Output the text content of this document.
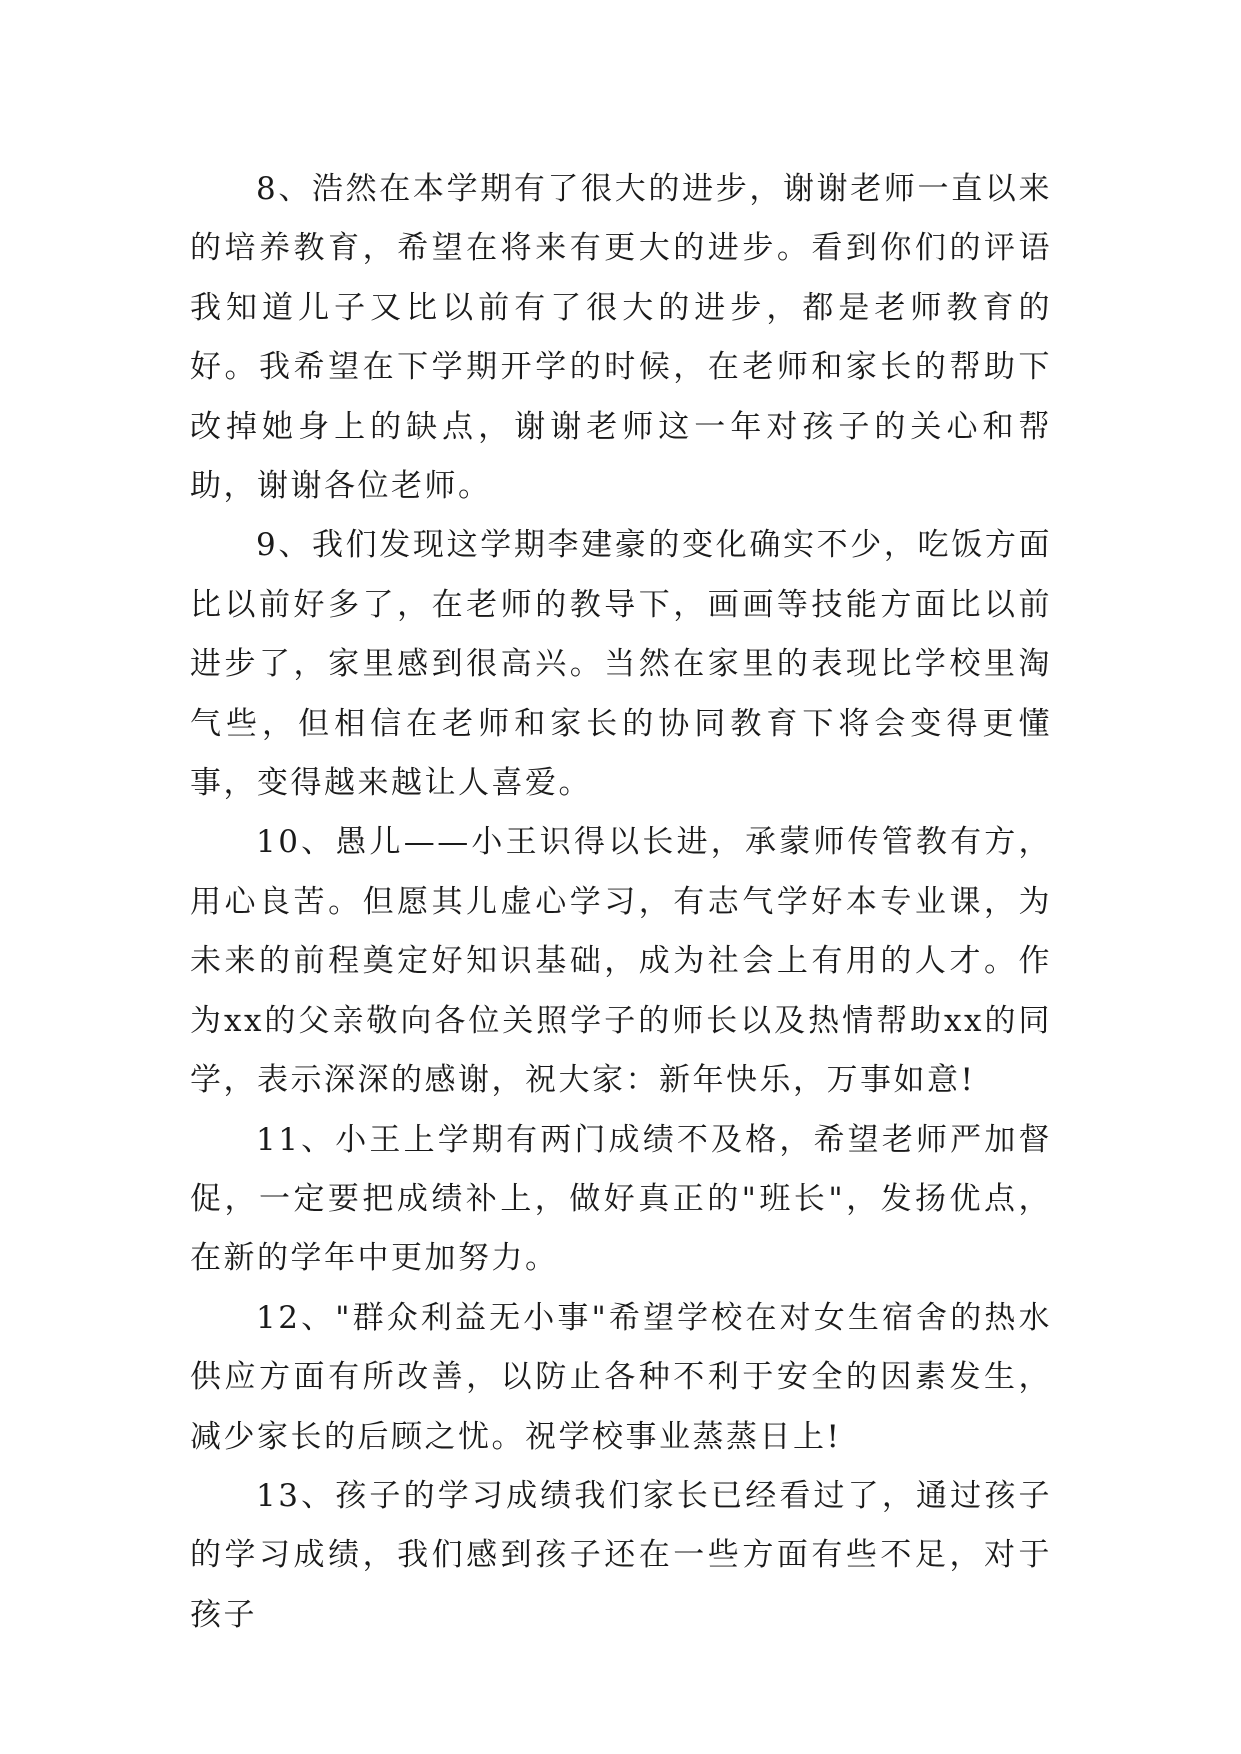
8、浩然在本学期有了很大的进步，谢谢老师一直以来的培养教育，希望在将来有更大的进步。看到你们的评语我知道儿子又比以前有了很大的进步，都是老师教育的好。我希望在下学期开学的时候，在老师和家长的帮助下改掉她身上的缺点，谢谢老师这一年对孩子的关心和帮助，谢谢各位老师。

9、我们发现这学期李建豪的变化确实不少，吃饭方面比以前好多了，在老师的教导下，画画等技能方面比以前进步了，家里感到很高兴。当然在家里的表现比学校里淘气些，但相信在老师和家长的协同教育下将会变得更懂事，变得越来越让人喜爱。

10、愚儿——小王识得以长进，承蒙师传管教有方，用心良苦。但愿其儿虚心学习，有志气学好本专业课，为未来的前程奠定好知识基础，成为社会上有用的人才。作为xx的父亲敬向各位关照学子的师长以及热情帮助xx的同学，表示深深的感谢，祝大家：新年快乐，万事如意!

11、小王上学期有两门成绩不及格，希望老师严加督促，一定要把成绩补上，做好真正的"班长"，发扬优点，在新的学年中更加努力。

12、"群众利益无小事"希望学校在对女生宿舍的热水供应方面有所改善，以防止各种不利于安全的因素发生，减少家长的后顾之忧。祝学校事业蒸蒸日上!

13、孩子的学习成绩我们家长已经看过了，通过孩子的学习成绩，我们感到孩子还在一些方面有些不足，对于孩子
